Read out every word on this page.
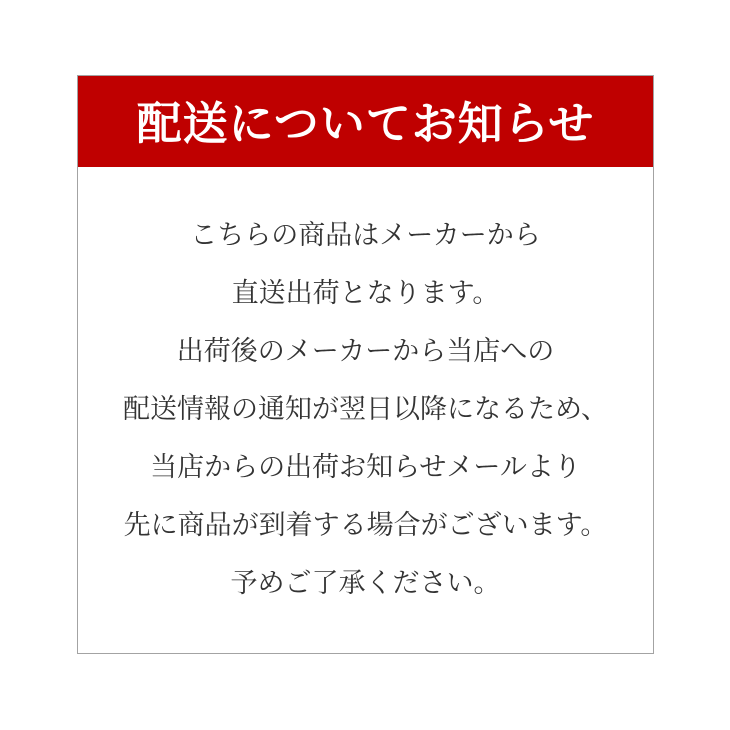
配送についてお知らせ
こちらの商品はメーカーから
直送出荷となります。
出荷後のメーカーから当店への
配送情報の通知が翌日以降になるため、
当店からの出荷お知らせメールより
先に商品が到着する場合がございます。
予めご了承ください。
